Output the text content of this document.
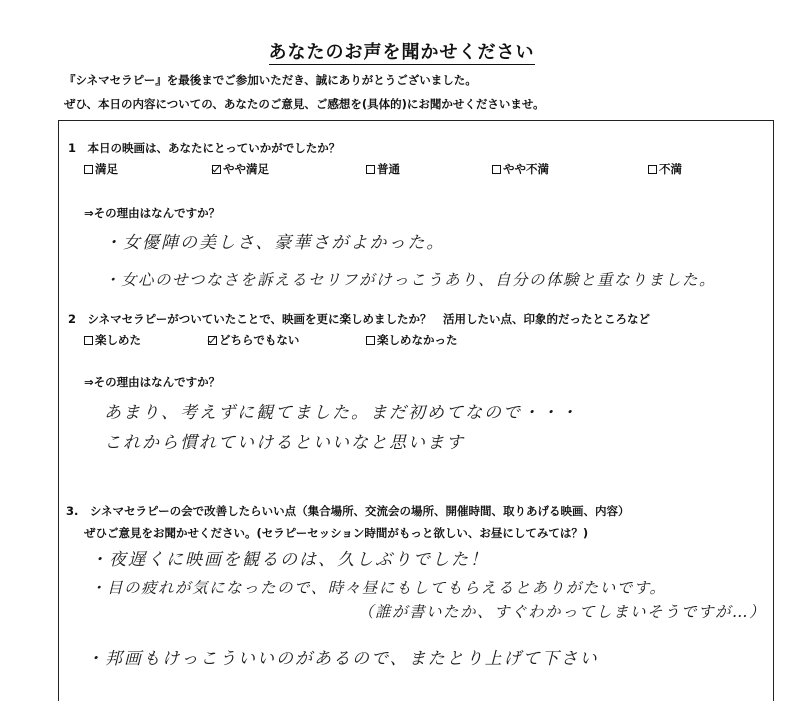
あなたのお声を聞かせください
『シネマセラピー』を最後までご参加いただき、誠にありがとうございました。
ぜひ、本日の内容についての、あなたのご意見、ご感想を(具体的)にお聞かせくださいませ。
1　本日の映画は、あなたにとっていかがでしたか？
満足	やや満足	普通	やや不満	不満
⇒その理由はなんですか？
・女優陣の美しさ、豪華さがよかった。
・女心のせつなさを訴えるセリフがけっこうあり、自分の体験と重なりました。
2　シネマセラピーがついていたことで、映画を更に楽しめましたか？　活用したい点、印象的だったところなど
楽しめた	どちらでもない	楽しめなかった
⇒その理由はなんですか？
あまり、考えずに観てました。まだ初めてなので・・・
これから慣れていけるといいなと思います
3.　シネマセラピーの会で改善したらいい点（集合場所、交流会の場所、開催時間、取りあげる映画、内容）
ぜひご意見をお聞かせください。(セラピーセッション時間がもっと欲しい、お昼にしてみては？)
・夜遅くに映画を観るのは、久しぶりでした！
・目の疲れが気になったので、時々昼にもしてもらえるとありがたいです。
（誰が書いたか、すぐわかってしまいそうですが…）
・邦画もけっこういいのがあるので、またとり上げて下さい
